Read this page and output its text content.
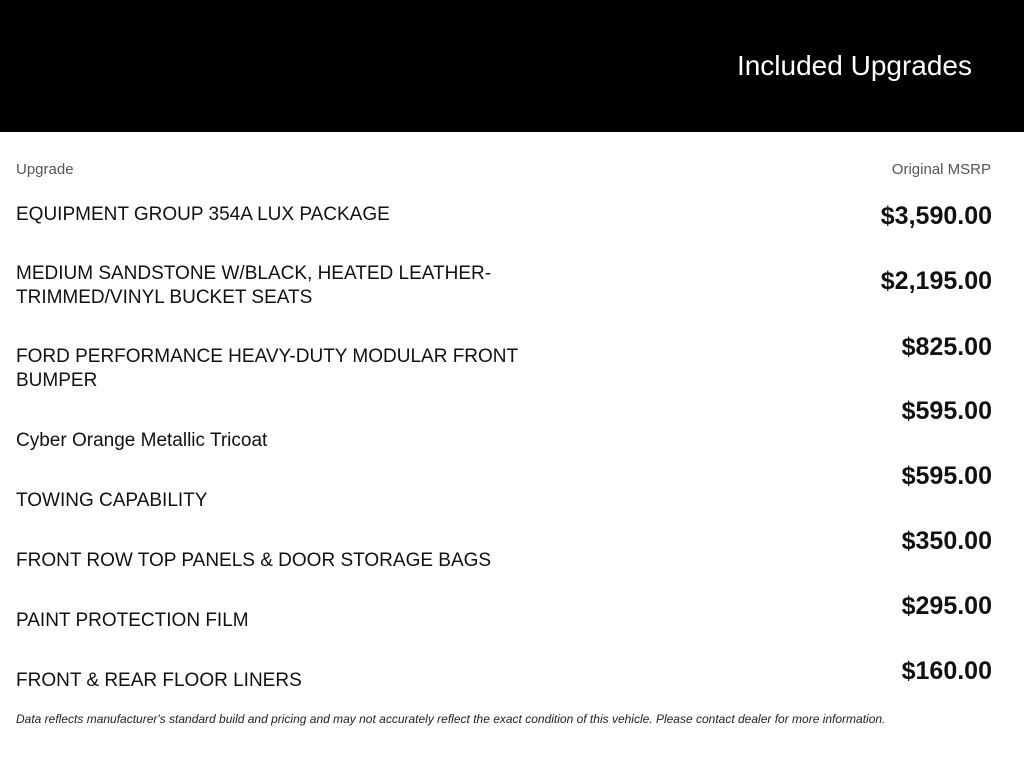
Included Upgrades
Upgrade	Original MSRP
EQUIPMENT GROUP 354A LUX PACKAGE	$3,590.00
MEDIUM SANDSTONE W/BLACK, HEATED LEATHER-TRIMMED/VINYL BUCKET SEATS
$2,195.00
FORD PERFORMANCE HEAVY-DUTY MODULAR FRONT BUMPER
$825.00
Cyber Orange Metallic Tricoat
$595.00
TOWING CAPABILITY
$595.00
FRONT ROW TOP PANELS & DOOR STORAGE BAGS
$350.00
PAINT PROTECTION FILM
$295.00
FRONT & REAR FLOOR LINERS	$160.00
Data reflects manufacturer's standard build and pricing and may not accurately reflect the exact condition of this vehicle. Please contact dealer for more information.
